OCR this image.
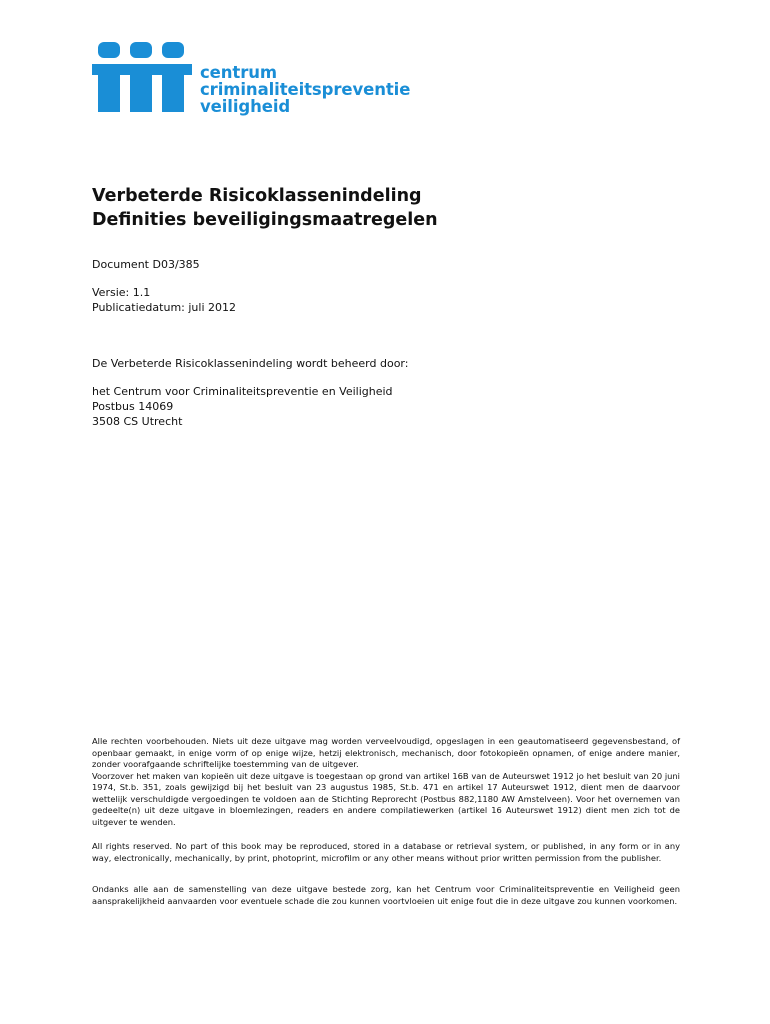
centrum
criminaliteitspreventie
veiligheid
Verbeterde Risicoklassenindeling
Definities beveiligingsmaatregelen
Document D03/385
Versie: 1.1
Publicatiedatum: juli 2012
De Verbeterde Risicoklassenindeling wordt beheerd door:
het Centrum voor Criminaliteitspreventie en Veiligheid
Postbus 14069
3508 CS Utrecht

Alle rechten voorbehouden. Niets uit deze uitgave mag worden verveelvoudigd, opgeslagen in een geautomatiseerd gegevensbestand, of openbaar gemaakt, in enige vorm of op enige wijze, hetzij elektronisch, mechanisch, door fotokopieën opnamen, of enige andere manier, zonder voorafgaande schriftelijke toestemming van de uitgever.

Voorzover het maken van kopieën uit deze uitgave is toegestaan op grond van artikel 16B van de Auteurswet 1912 jo het besluit van 20 juni 1974, St.b. 351, zoals gewijzigd bij het besluit van 23 augustus 1985, St.b. 471 en artikel 17 Auteurswet 1912, dient men de daarvoor wettelijk verschuldigde vergoedingen te voldoen aan de Stichting Reprorecht (Postbus 882,1180 AW Amstelveen). Voor het overnemen van gedeelte(n) uit deze uitgave in bloemlezingen, readers en andere compilatiewerken (artikel 16 Auteurswet 1912) dient men zich tot de uitgever te wenden.

All rights reserved. No part of this book may be reproduced, stored in a database or retrieval system, or published, in any form or in any way, electronically, mechanically, by print, photoprint, microfilm or any other means without prior written permission from the publisher.

Ondanks alle aan de samenstelling van deze uitgave bestede zorg, kan het Centrum voor Criminaliteitspreventie en Veiligheid geen aansprakelijkheid aanvaarden voor eventuele schade die zou kunnen voortvloeien uit enige fout die in deze uitgave zou kunnen voorkomen.
